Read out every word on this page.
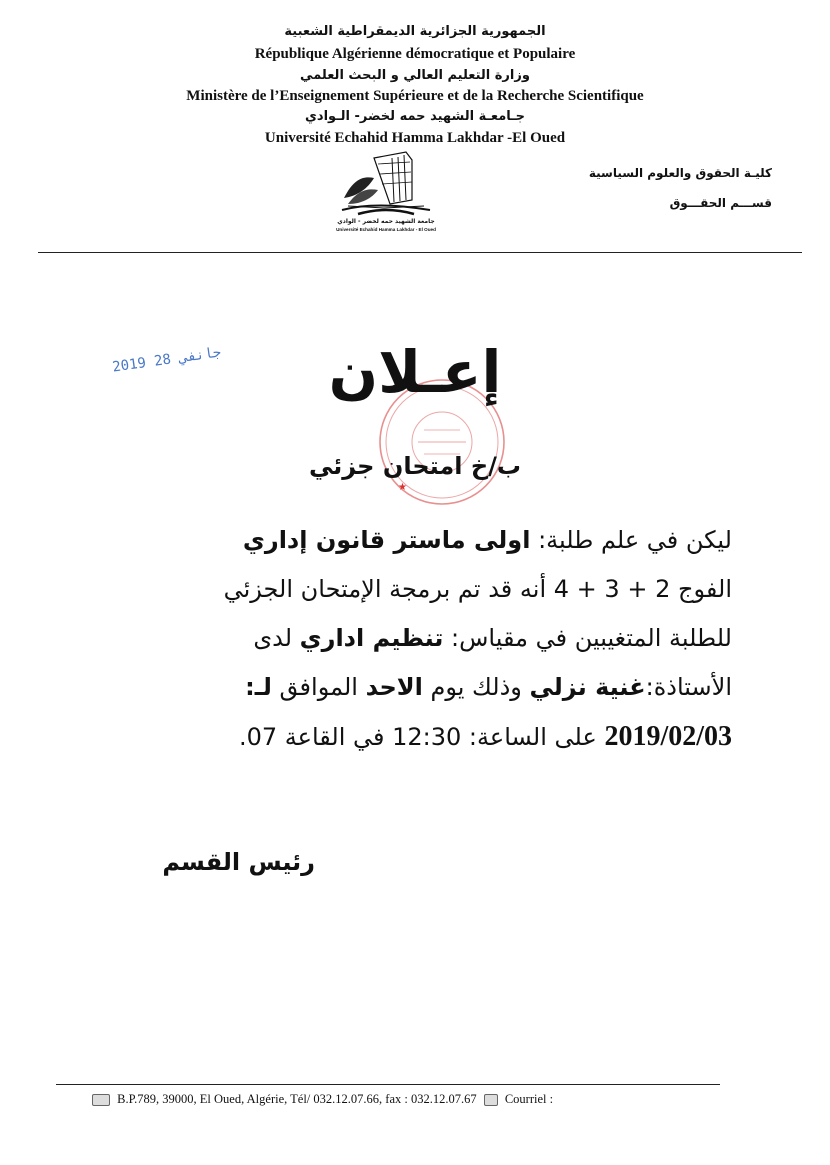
الجمهورية الجزائرية الديمقراطية الشعبية
République Algérienne démocratique et Populaire
وزارة التعليم العالي و البحث العلمي
Ministère de l’Enseignement Supérieure et de la Recherche Scientifique
جـامعـة الشهيد حمه لخضر- الـوادي
Université Echahid Hamma Lakhdar -El Oued
جامعة الشهيد حمه لخضر - الوادي
Université Echahid Hamma Lakhdar - El Oued
كليـة الحقوق والعلوم السياسية
قســـم الحقـــوق
2019 جانفي 28
★
إعـلان
ب/خ امتحان جزئي
ليكن في علم طلبة: اولى ماستر قانون إداري
الفوج 2 + 3 + 4 أنه قد تم برمجة الإمتحان الجزئي
للطلبة المتغيبين في مقياس: تنظيم اداري لدى
الأستاذة:غنية نزلي وذلك يوم الاحد الموافق لـ:
2019/02/03 على الساعة: 12:30 في القاعة 07.
رئيس القسم
B.P.789, 39000, El Oued, Algérie, Tél/ 032.12.07.66, fax : 032.12.07.67 Courriel :
